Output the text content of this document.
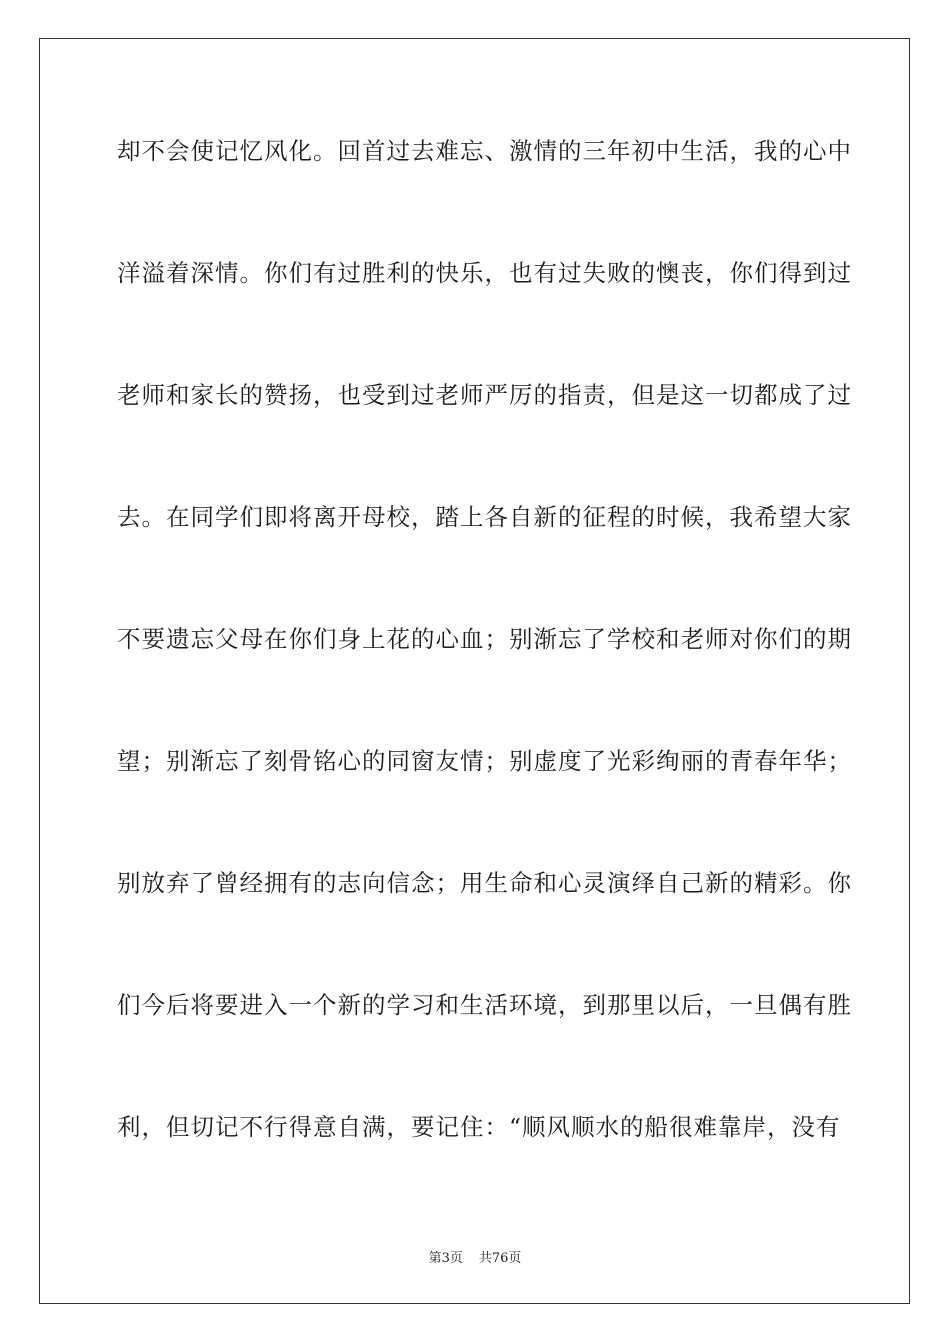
却不会使记忆风化。回首过去难忘、激情的三年初中生活，我的心中
洋溢着深情。你们有过胜利的快乐，也有过失败的懊丧，你们得到过
老师和家长的赞扬，也受到过老师严厉的指责，但是这一切都成了过
去。在同学们即将离开母校，踏上各自新的征程的时候，我希望大家
不要遗忘父母在你们身上花的心血；别渐忘了学校和老师对你们的期
望；别渐忘了刻骨铭心的同窗友情；别虚度了光彩绚丽的青春年华；
别放弃了曾经拥有的志向信念；用生命和心灵演绎自己新的精彩。你
们今后将要进入一个新的学习和生活环境，到那里以后，一旦偶有胜
利，但切记不行得意自满，要记住：“顺风顺水的船很难靠岸，没有
第3页 共76页
